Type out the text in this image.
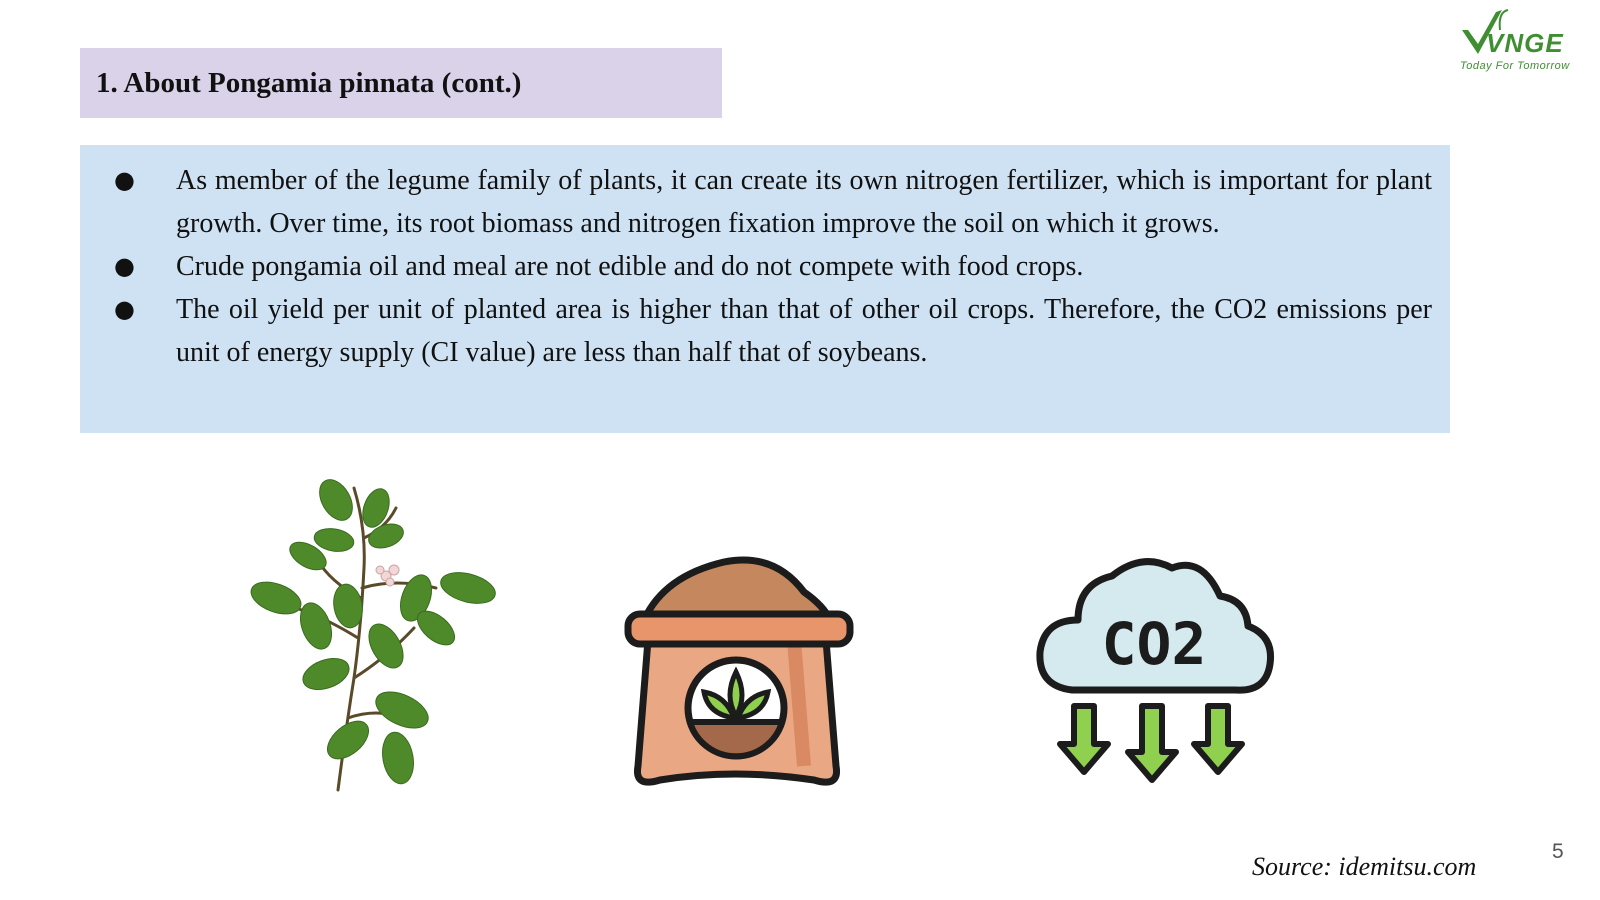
1. About Pongamia pinnata (cont.)
VNGE
Today For Tomorrow
● As member of the legume family of plants, it can create its own nitrogen fertilizer, which is important for plant growth. Over time, its root biomass and nitrogen fixation improve the soil on which it grows.
● Crude pongamia oil and meal are not edible and do not compete with food crops.
● The oil yield per unit of planted area is higher than that of other oil crops. Therefore, the CO2 emissions per unit of energy supply (CI value) are less than half that of soybeans.
CO2
Source: idemitsu.com
5
